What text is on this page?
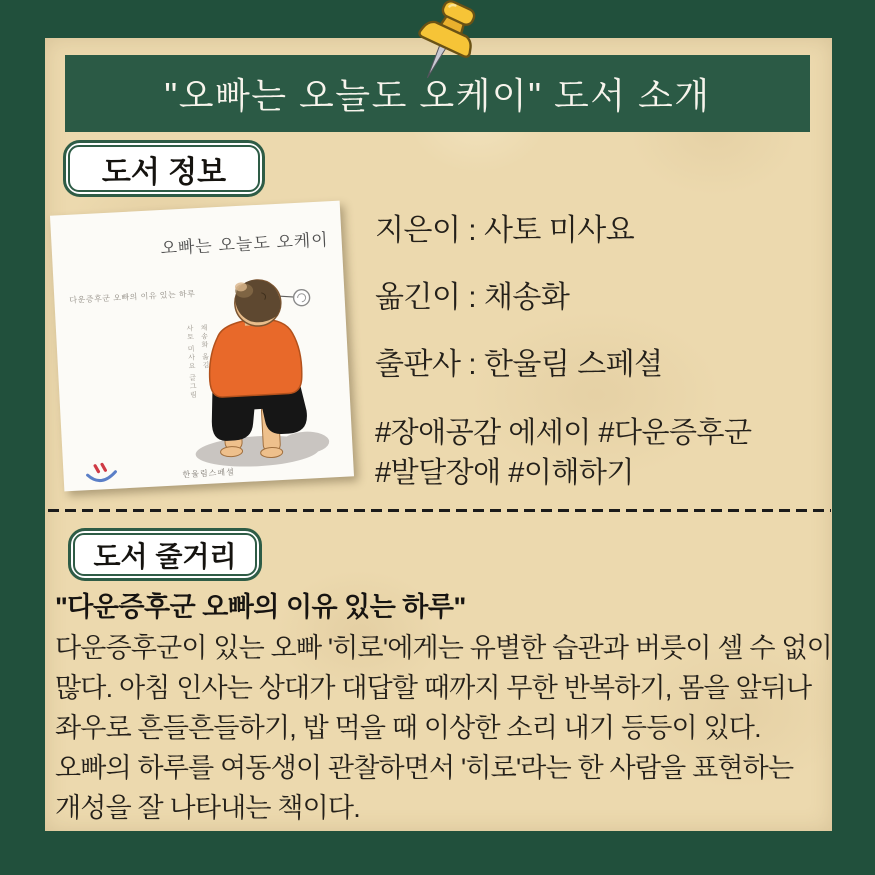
"오빠는 오늘도 오케이" 도서 소개
도서 정보
오빠는 오늘도 오케이
다운증후군 오빠의 이유 있는 하루
사토 미사요 글그림 채송화 옮김
한울림스페셜
지은이 : 사토 미사요
옮긴이 : 채송화
출판사 : 한울림 스페셜
#장애공감 에세이 #다운증후군
#발달장애 #이해하기
도서 줄거리
"다운증후군 오빠의 이유 있는 하루"
다운증후군이 있는 오빠 '히로'에게는 유별한 습관과 버릇이 셀 수 없이
많다. 아침 인사는 상대가 대답할 때까지 무한 반복하기, 몸을 앞뒤나
좌우로 흔들흔들하기, 밥 먹을 때 이상한 소리 내기 등등이 있다.
오빠의 하루를 여동생이 관찰하면서 '히로'라는 한 사람을 표현하는
개성을 잘 나타내는 책이다.
